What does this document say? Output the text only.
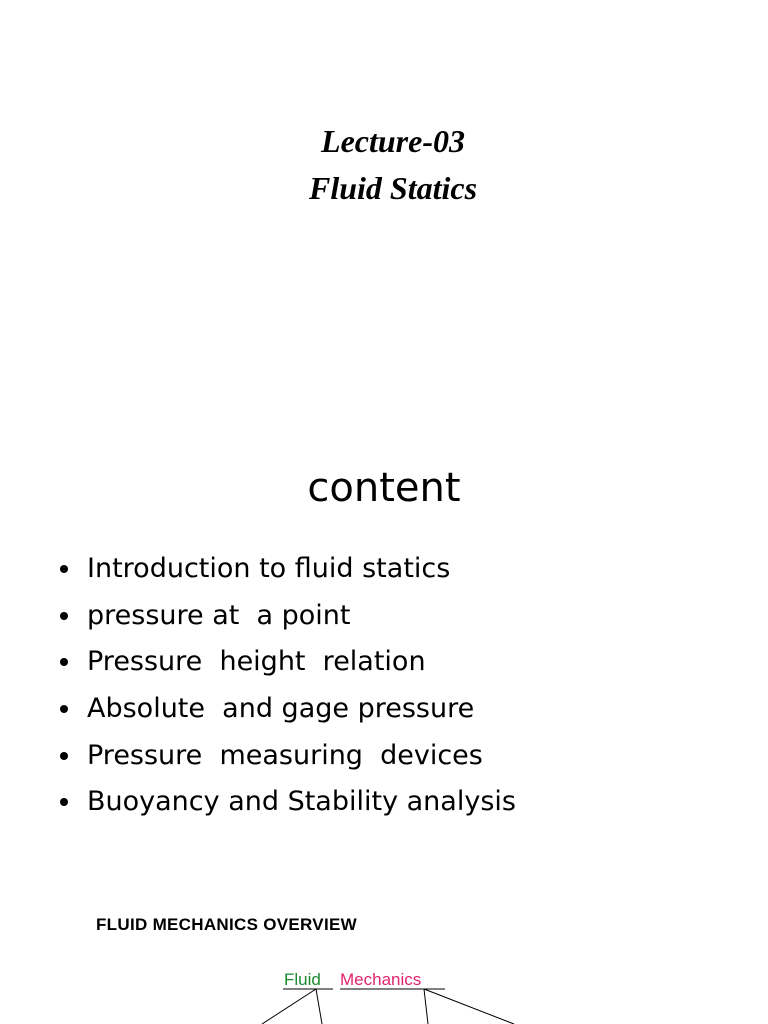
Lecture-03
Fluid Statics
content
Introduction to fluid statics
pressure at  a point
Pressure  height  relation
Absolute  and gage pressure
Pressure  measuring  devices
Buoyancy and Stability analysis
FLUID MECHANICS OVERVIEW
Fluid Mechanics
